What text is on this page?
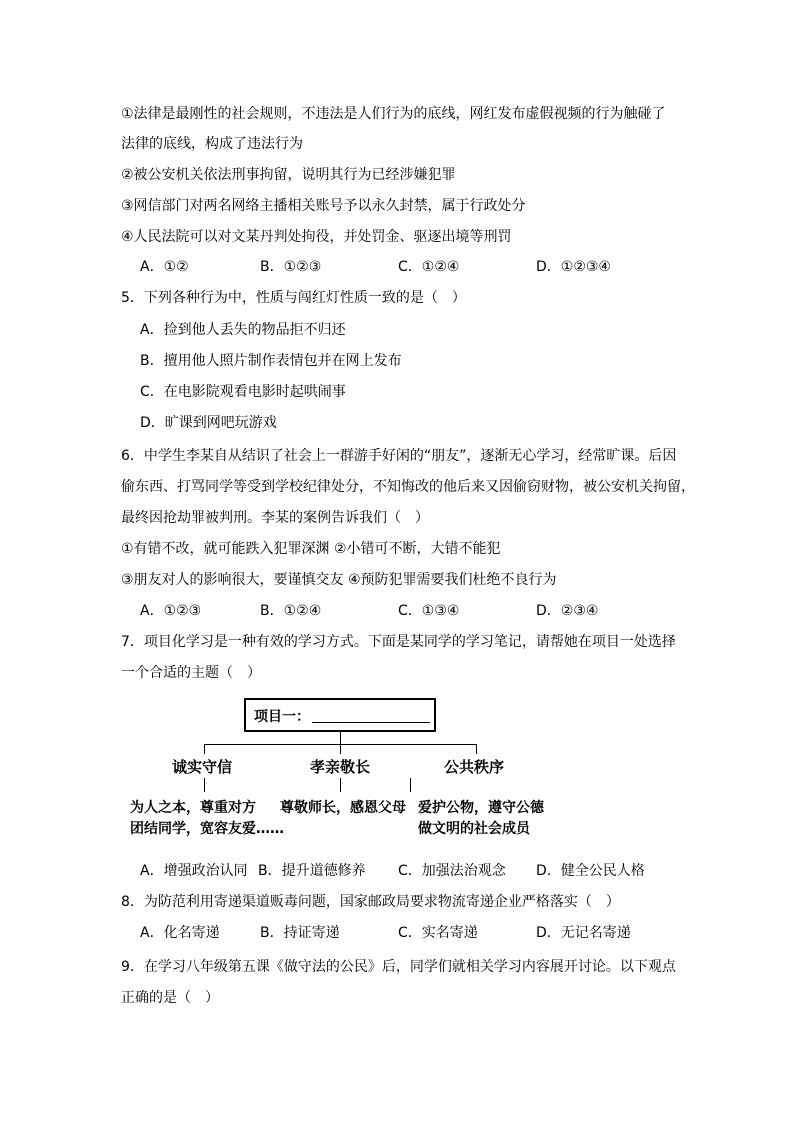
①法律是最刚性的社会规则，不违法是人们行为的底线，网红发布虚假视频的行为触碰了
法律的底线，构成了违法行为
②被公安机关依法刑事拘留，说明其行为已经涉嫌犯罪
③网信部门对两名网络主播相关账号予以永久封禁，属于行政处分
④人民法院可以对文某丹判处拘役，并处罚金、驱逐出境等刑罚
A．①②	B．①②③	C．①②④	D．①②③④
5．下列各种行为中，性质与闯红灯性质一致的是（　）
A．捡到他人丢失的物品拒不归还
B．擅用他人照片制作表情包并在网上发布
C．在电影院观看电影时起哄闹事
D．旷课到网吧玩游戏
6．中学生李某自从结识了社会上一群游手好闲的“朋友”，逐渐无心学习，经常旷课。后因
偷东西、打骂同学等受到学校纪律处分，不知悔改的他后来又因偷窃财物，被公安机关拘留，
最终因抢劫罪被判刑。李某的案例告诉我们（　）
①有错不改，就可能跌入犯罪深渊 ②小错可不断，大错不能犯
③朋友对人的影响很大，要谨慎交友 ④预防犯罪需要我们杜绝不良行为
A．①②③	B．①②④	C．①③④	D．②③④
7．项目化学习是一种有效的学习方式。下面是某同学的学习笔记，请帮她在项目一处选择
一个合适的主题（　）
项目一：
诚实守信	孝亲敬长	公共秩序
为人之本，尊重对方
团结同学，宽容友爱……
尊敬师长，感恩父母 爱护公物，遵守公德
做文明的社会成员
A．增强政治认同 B．提升道德修养 C．加强法治观念 D．健全公民人格
8．为防范利用寄递渠道贩毒问题，国家邮政局要求物流寄递企业严格落实（　）
A．化名寄递	B．持证寄递	C．实名寄递	D．无记名寄递
9．在学习八年级第五课《做守法的公民》后，同学们就相关学习内容展开讨论。以下观点
正确的是（　）
